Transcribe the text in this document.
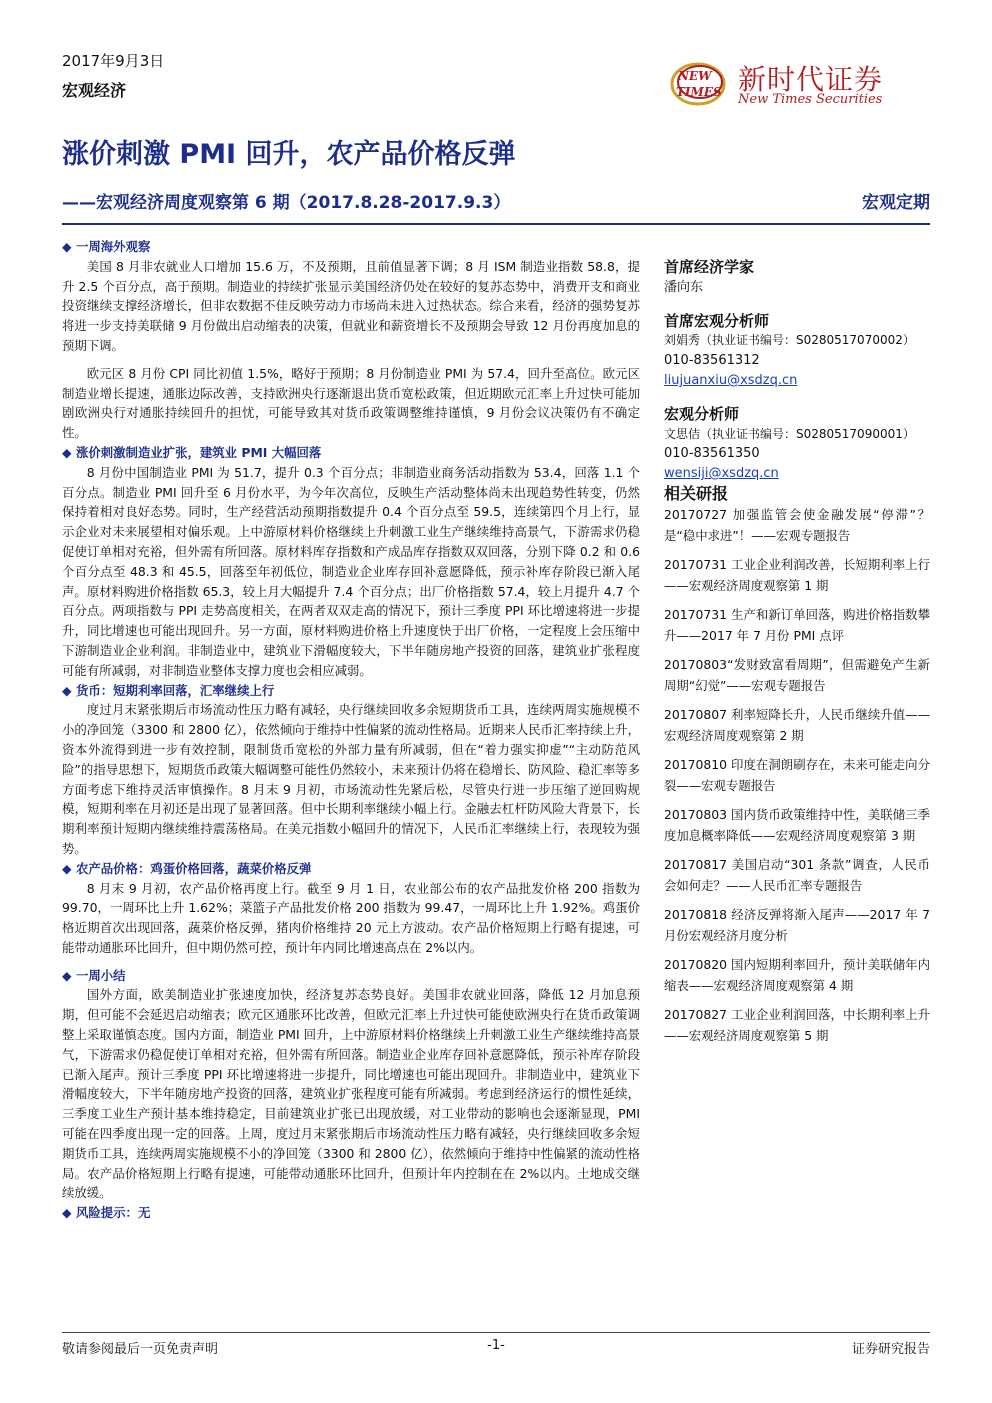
2017年9月3日
宏观经济
NEW
TIMES 新时代证券
New Times Securities
涨价刺激 PMI 回升，农产品价格反弹
——宏观经济周度观察第 6 期（2017.8.28-2017.9.3）	宏观定期

◆ 一周海外观察

美国 8 月非农就业人口增加 15.6 万，不及预期，且前值显著下调；8 月 ISM 制造业指数 58.8，提升 2.5 个百分点，高于预期。制造业的持续扩张显示美国经济仍处在较好的复苏态势中，消费开支和商业投资继续支撑经济增长，但非农数据不佳反映劳动力市场尚未进入过热状态。综合来看，经济的强势复苏将进一步支持美联储 9 月份做出启动缩表的决策，但就业和薪资增长不及预期会导致 12 月份再度加息的预期下调。

欧元区 8 月份 CPI 同比初值 1.5%，略好于预期；8 月份制造业 PMI 为 57.4，回升至高位。欧元区制造业增长提速，通胀边际改善，支持欧洲央行逐渐退出货币宽松政策，但近期欧元汇率上升过快可能加剧欧洲央行对通胀持续回升的担忧，可能导致其对货币政策调整维持谨慎，9 月份会议决策仍有不确定性。

◆ 涨价刺激制造业扩张，建筑业 PMI 大幅回落

8 月份中国制造业 PMI 为 51.7，提升 0.3 个百分点；非制造业商务活动指数为 53.4，回落 1.1 个百分点。制造业 PMI 回升至 6 月份水平，为今年次高位，反映生产活动整体尚未出现趋势性转变，仍然保持着相对良好态势。同时，生产经营活动预期指数提升 0.4 个百分点至 59.5，连续第四个月上行，显示企业对未来展望相对偏乐观。上中游原材料价格继续上升刺激工业生产继续维持高景气，下游需求仍稳促使订单相对充裕，但外需有所回落。原材料库存指数和产成品库存指数双双回落，分别下降 0.2 和 0.6 个百分点至 48.3 和 45.5，回落至年初低位，制造业企业库存回补意愿降低，预示补库存阶段已渐入尾声。原材料购进价格指数 65.3，较上月大幅提升 7.4 个百分点；出厂价格指数 57.4，较上月提升 4.7 个百分点。两项指数与 PPI 走势高度相关，在两者双双走高的情况下，预计三季度 PPI 环比增速将进一步提升，同比增速也可能出现回升。另一方面，原材料购进价格上升速度快于出厂价格，一定程度上会压缩中下游制造业企业利润。非制造业中，建筑业下滑幅度较大，下半年随房地产投资的回落，建筑业扩张程度可能有所减弱，对非制造业整体支撑力度也会相应减弱。

◆ 货币：短期利率回落，汇率继续上行

度过月末紧张期后市场流动性压力略有减轻，央行继续回收多余短期货币工具，连续两周实施规模不小的净回笼（3300 和 2800 亿），依然倾向于维持中性偏紧的流动性格局。近期来人民币汇率持续上升，资本外流得到进一步有效控制，限制货币宽松的外部力量有所减弱，但在“着力强实抑虚”“主动防范风险”的指导思想下，短期货币政策大幅调整可能性仍然较小，未来预计仍将在稳增长、防风险、稳汇率等多方面考虑下维持灵活审慎操作。8 月末 9 月初，市场流动性先紧后松，尽管央行进一步压缩了逆回购规模，短期利率在月初还是出现了显著回落。但中长期利率继续小幅上行。金融去杠杆防风险大背景下，长期利率预计短期内继续维持震荡格局。在美元指数小幅回升的情况下，人民币汇率继续上行，表现较为强势。

◆ 农产品价格：鸡蛋价格回落，蔬菜价格反弹

8 月末 9 月初，农产品价格再度上行。截至 9 月 1 日，农业部公布的农产品批发价格 200 指数为 99.70，一周环比上升 1.62%；菜篮子产品批发价格 200 指数为 99.47，一周环比上升 1.92%。鸡蛋价格近期首次出现回落，蔬菜价格反弹，猪肉价格维持 20 元上方波动。农产品价格短期上行略有提速，可能带动通胀环比回升，但中期仍然可控，预计年内同比增速高点在 2%以内。

◆ 一周小结

国外方面，欧美制造业扩张速度加快，经济复苏态势良好。美国非农就业回落，降低 12 月加息预期，但可能不会延迟启动缩表；欧元区通胀环比改善，但欧元汇率上升过快可能使欧洲央行在货币政策调整上采取谨慎态度。国内方面，制造业 PMI 回升，上中游原材料价格继续上升刺激工业生产继续维持高景气，下游需求仍稳促使订单相对充裕，但外需有所回落。制造业企业库存回补意愿降低，预示补库存阶段已渐入尾声。预计三季度 PPI 环比增速将进一步提升，同比增速也可能出现回升。非制造业中，建筑业下滑幅度较大，下半年随房地产投资的回落，建筑业扩张程度可能有所减弱。考虑到经济运行的惯性延续，三季度工业生产预计基本维持稳定，目前建筑业扩张已出现放缓，对工业带动的影响也会逐渐显现，PMI 可能在四季度出现一定的回落。上周，度过月末紧张期后市场流动性压力略有减轻，央行继续回收多余短期货币工具，连续两周实施规模不小的净回笼（3300 和 2800 亿），依然倾向于维持中性偏紧的流动性格局。农产品价格短期上行略有提速，可能带动通胀环比回升，但预计年内控制在在 2%以内。土地成交继续放缓。

◆ 风险提示：无

首席经济学家

潘向东

首席宏观分析师

刘娟秀（执业证书编号：S0280517070002）

010-83561312

liujuanxiu@xsdzq.cn

宏观分析师

文思佶（执业证书编号：S0280517090001）

010-83561350

wensiji@xsdzq.cn

相关研报

20170727 加强监管会使金融发展“停滞”？是“稳中求进”！——宏观专题报告
20170731 工业企业利润改善，长短期利率上行——宏观经济周度观察第 1 期
20170731 生产和新订单回落，购进价格指数攀升——2017 年 7 月份 PMI 点评
20170803“发财致富看周期”，但需避免产生新周期“幻觉”——宏观专题报告
20170807 利率短降长升，人民币继续升值——宏观经济周度观察第 2 期
20170810 印度在洞朗刷存在，未来可能走向分裂——宏观专题报告
20170803 国内货币政策维持中性，美联储三季度加息概率降低——宏观经济周度观察第 3 期
20170817 美国启动“301 条款”调查，人民币会如何走？——人民币汇率专题报告
20170818 经济反弹将渐入尾声——2017 年 7 月份宏观经济月度分析
20170820 国内短期利率回升，预计美联储年内缩表——宏观经济周度观察第 4 期
20170827 工业企业利润回落，中长期利率上升——宏观经济周度观察第 5 期
敬请参阅最后一页免责声明	-1-	证券研究报告
